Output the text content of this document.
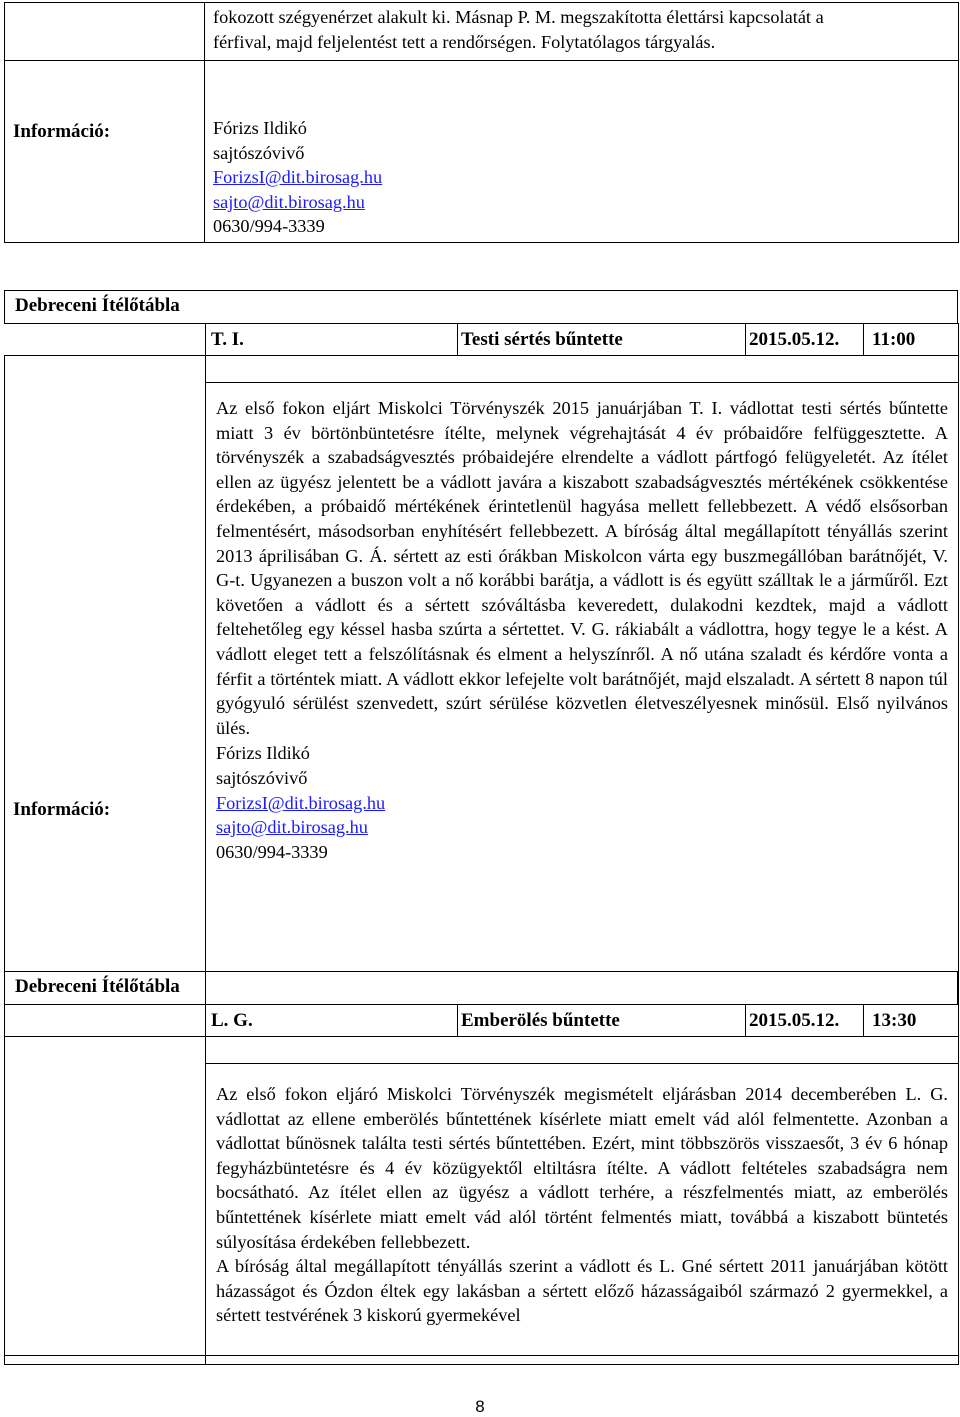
	fokozott szégyenérzet alakult ki. Másnap P. M. megszakította élettársi kapcsolatát a
férfival, majd feljelentést tett a rendőrségen. Folytatólagos tárgyalás.

Információ:	Fórizs Ildikó
sajtószóvivő
ForizsI@dit.birosag.hu
sajto@dit.birosag.hu
0630/994-3339
Debreceni Ítélőtábla
T. I.	Testi sértés bűntette	2015.05.12.	11:00
Információ:	

Az első fokon eljárt Miskolci Törvényszék 2015 januárjában T. I. vádlottat testi sértés bűntette miatt 3 év börtönbüntetésre ítélte, melynek végrehajtását 4 év próbaidőre felfüggesztette. A törvényszék a szabadságvesztés próbaidejére elrendelte a vádlott pártfogó felügyeletét. Az ítélet ellen az ügyész jelentett be a vádlott javára a kiszabott szabadságvesztés mértékének csökkentése érdekében, a próbaidő mértékének érintetlenül hagyása mellett fellebbezett. A védő elsősorban felmentésért, másodsorban enyhítésért fellebbezett. A bíróság által megállapított tényállás szerint 2013 áprilisában G. Á. sértett az esti órákban Miskolcon várta egy buszmegállóban barátnőjét, V. G-t. Ugyanezen a buszon volt a nő korábbi barátja, a vádlott is és együtt szálltak le a járműről. Ezt követően a vádlott és a sértett szóváltásba keveredett, dulakodni kezdtek, majd a vádlott feltehetőleg egy késsel hasba szúrta a sértettet. V. G. rákiabált a vádlottra, hogy tegye le a kést. A vádlott eleget tett a felszólításnak és elment a helyszínről. A nő utána szaladt és kérdőre vonta a férfit a történtek miatt. A vádlott ekkor lefejelte volt barátnőjét, majd elszaladt. A sértett 8 napon túl gyógyuló sérülést szenvedett, szúrt sérülése közvetlen életveszélyesnek minősül. Első nyilvános ülés.

Fórizs Ildikó
sajtószóvivő
ForizsI@dit.birosag.hu
sajto@dit.birosag.hu
0630/994-3339
Debreceni Ítélőtábla
L. G.	Emberölés bűntette	2015.05.12.	13:30

Az első fokon eljáró Miskolci Törvényszék megismételt eljárásban 2014 decemberében L. G. vádlottat az ellene emberölés bűntettének kísérlete miatt emelt vád alól felmentette. Azonban a vádlottat bűnösnek találta testi sértés bűntettében. Ezért, mint többszörös visszaesőt, 3 év 6 hónap fegyházbüntetésre és 4 év közügyektől eltiltásra ítélte. A vádlott feltételes szabadságra nem bocsátható. Az ítélet ellen az ügyész a vádlott terhére, a részfelmentés miatt, az emberölés bűntettének kísérlete miatt emelt vád alól történt felmentés miatt, továbbá a kiszabott büntetés súlyosítása érdekében fellebbezett.

A bíróság által megállapított tényállás szerint a vádlott és L. Gné sértett 2011 januárjában kötött házasságot és Ózdon éltek egy lakásban a sértett előző házasságaiból származó 2 gyermekkel, a sértett testvérének 3 kiskorú gyermekével

8
